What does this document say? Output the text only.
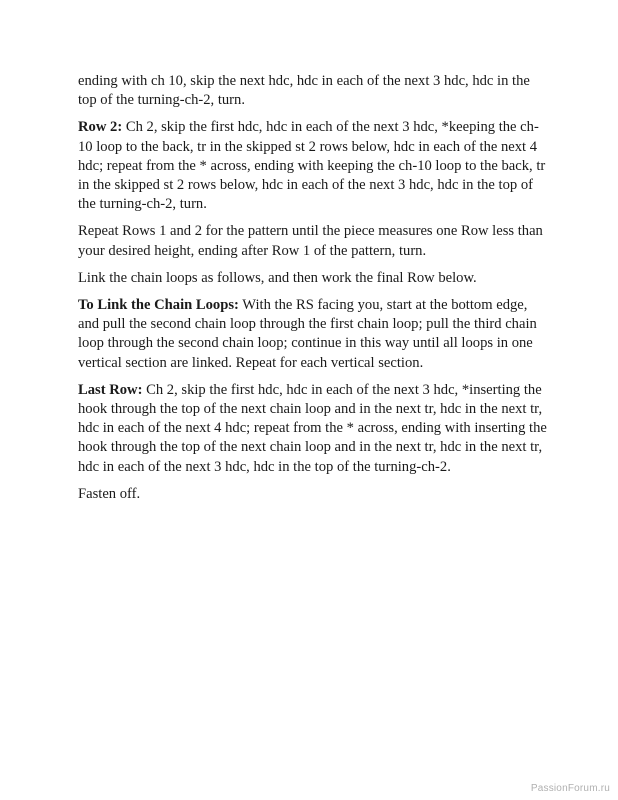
ending with ch 10, skip the next hdc, hdc in each of the next 3 hdc, hdc in the top of the turning-ch-2, turn.

Row 2: Ch 2, skip the first hdc, hdc in each of the next 3 hdc, *keeping the ch-10 loop to the back, tr in the skipped st 2 rows below, hdc in each of the next 4 hdc; repeat from the * across, ending with keeping the ch-10 loop to the back, tr in the skipped st 2 rows below, hdc in each of the next 3 hdc, hdc in the top of the turning-ch-2, turn.

Repeat Rows 1 and 2 for the pattern until the piece measures one Row less than your desired height, ending after Row 1 of the pattern, turn.

Link the chain loops as follows, and then work the final Row below.

To Link the Chain Loops: With the RS facing you, start at the bottom edge, and pull the second chain loop through the first chain loop; pull the third chain loop through the second chain loop; continue in this way until all loops in one vertical section are linked. Repeat for each vertical section.

Last Row: Ch 2, skip the first hdc, hdc in each of the next 3 hdc, *inserting the hook through the top of the next chain loop and in the next tr, hdc in the next tr, hdc in each of the next 4 hdc; repeat from the * across, ending with inserting the hook through the top of the next chain loop and in the next tr, hdc in the next tr, hdc in each of the next 3 hdc, hdc in the top of the turning-ch-2.

Fasten off.

PassionForum.ru
